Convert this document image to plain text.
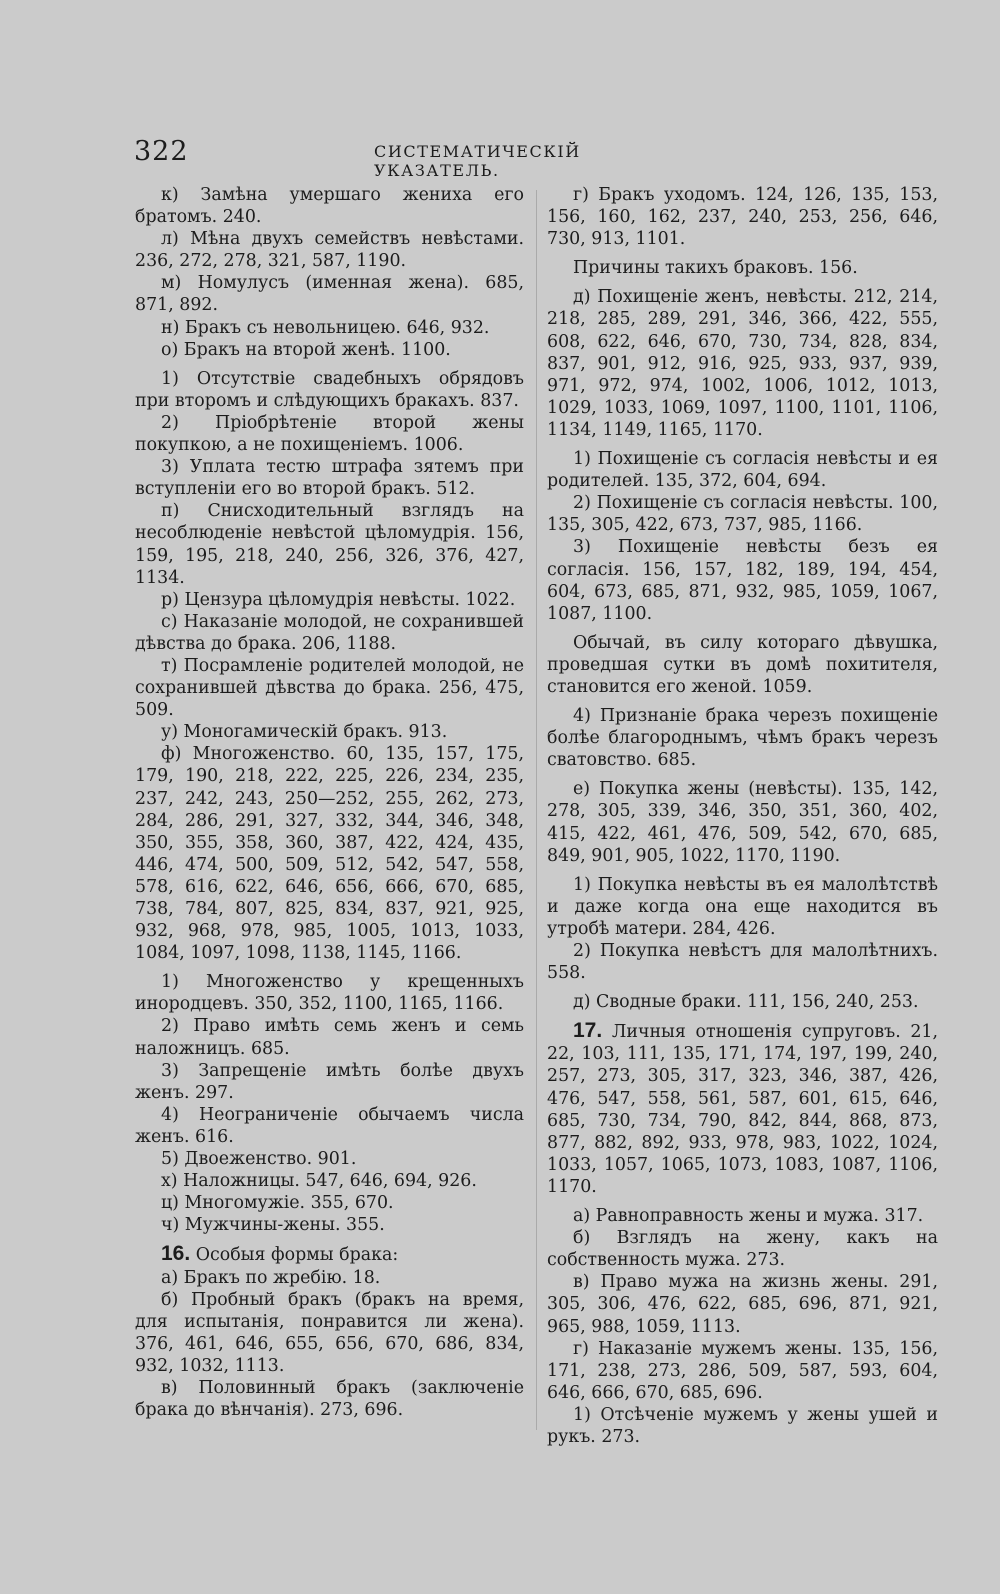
322	СИСТЕМАТИЧЕСКІЙ УКАЗАТЕЛЬ.

к) Замѣна умершаго жениха его братомъ. 240.

л) Мѣна двухъ семействъ невѣстами. 236, 272, 278, 321, 587, 1190.

м) Номулусъ (именная жена). 685, 871, 892.

н) Бракъ съ невольницею. 646, 932.

о) Бракъ на второй женѣ. 1100.

1) Отсутствіе свадебныхъ обрядовъ при второмъ и слѣдующихъ бракахъ. 837.

2) Пріобрѣтеніе второй жены покупкою, а не похищеніемъ. 1006.

3) Уплата тестю штрафа зятемъ при вступленіи его во второй бракъ. 512.

п) Снисходительный взглядъ на несоблюденіе невѣстой цѣломудрія. 156, 159, 195, 218, 240, 256, 326, 376, 427, 1134.

р) Цензура цѣломудрія невѣсты. 1022.

с) Наказаніе молодой, не сохранившей дѣвства до брака. 206, 1188.

т) Посрамленіе родителей молодой, не сохранившей дѣвства до брака. 256, 475, 509.

у) Моногамическій бракъ. 913.

ф) Многоженство. 60, 135, 157, 175, 179, 190, 218, 222, 225, 226, 234, 235, 237, 242, 243, 250—252, 255, 262, 273, 284, 286, 291, 327, 332, 344, 346, 348, 350, 355, 358, 360, 387, 422, 424, 435, 446, 474, 500, 509, 512, 542, 547, 558, 578, 616, 622, 646, 656, 666, 670, 685, 738, 784, 807, 825, 834, 837, 921, 925, 932, 968, 978, 985, 1005, 1013, 1033, 1084, 1097, 1098, 1138, 1145, 1166.

1) Многоженство у крещенныхъ инородцевъ. 350, 352, 1100, 1165, 1166.

2) Право имѣть семь женъ и семь наложницъ. 685.

3) Запрещеніе имѣть болѣе двухъ женъ. 297.

4) Неограниченіе обычаемъ числа женъ. 616.

5) Двоеженство. 901.

х) Наложницы. 547, 646, 694, 926.

ц) Многомужіе. 355, 670.

ч) Мужчины-жены. 355.

16. Особыя формы брака:

а) Бракъ по жребію. 18.

б) Пробный бракъ (бракъ на время, для испытанія, понравится ли жена). 376, 461, 646, 655, 656, 670, 686, 834, 932, 1032, 1113.

в) Половинный бракъ (заключеніе брака до вѣнчанія). 273, 696.

г) Бракъ уходомъ. 124, 126, 135, 153, 156, 160, 162, 237, 240, 253, 256, 646, 730, 913, 1101.

Причины такихъ браковъ. 156.

д) Похищеніе женъ, невѣсты. 212, 214, 218, 285, 289, 291, 346, 366, 422, 555, 608, 622, 646, 670, 730, 734, 828, 834, 837, 901, 912, 916, 925, 933, 937, 939, 971, 972, 974, 1002, 1006, 1012, 1013, 1029, 1033, 1069, 1097, 1100, 1101, 1106, 1134, 1149, 1165, 1170.

1) Похищеніе съ согласія невѣсты и ея родителей. 135, 372, 604, 694.

2) Похищеніе съ согласія невѣсты. 100, 135, 305, 422, 673, 737, 985, 1166.

3) Похищеніе невѣсты безъ ея согласія. 156, 157, 182, 189, 194, 454, 604, 673, 685, 871, 932, 985, 1059, 1067, 1087, 1100.

Обычай, въ силу котораго дѣвушка, проведшая сутки въ домѣ похитителя, становится его женой. 1059.

4) Признаніе брака черезъ похищеніе болѣе благороднымъ, чѣмъ бракъ черезъ сватовство. 685.

е) Покупка жены (невѣсты). 135, 142, 278, 305, 339, 346, 350, 351, 360, 402, 415, 422, 461, 476, 509, 542, 670, 685, 849, 901, 905, 1022, 1170, 1190.

1) Покупка невѣсты въ ея малолѣтствѣ и даже когда она еще находится въ утробѣ матери. 284, 426.

2) Покупка невѣстъ для малолѣтнихъ. 558.

д) Сводные браки. 111, 156, 240, 253.

17. Личныя отношенія супруговъ. 21, 22, 103, 111, 135, 171, 174, 197, 199, 240, 257, 273, 305, 317, 323, 346, 387, 426, 476, 547, 558, 561, 587, 601, 615, 646, 685, 730, 734, 790, 842, 844, 868, 873, 877, 882, 892, 933, 978, 983, 1022, 1024, 1033, 1057, 1065, 1073, 1083, 1087, 1106, 1170.

а) Равноправность жены и мужа. 317.

б) Взглядъ на жену, какъ на собственность мужа. 273.

в) Право мужа на жизнь жены. 291, 305, 306, 476, 622, 685, 696, 871, 921, 965, 988, 1059, 1113.

г) Наказаніе мужемъ жены. 135, 156, 171, 238, 273, 286, 509, 587, 593, 604, 646, 666, 670, 685, 696.

1) Отсѣченіе мужемъ у жены ушей и рукъ. 273.
